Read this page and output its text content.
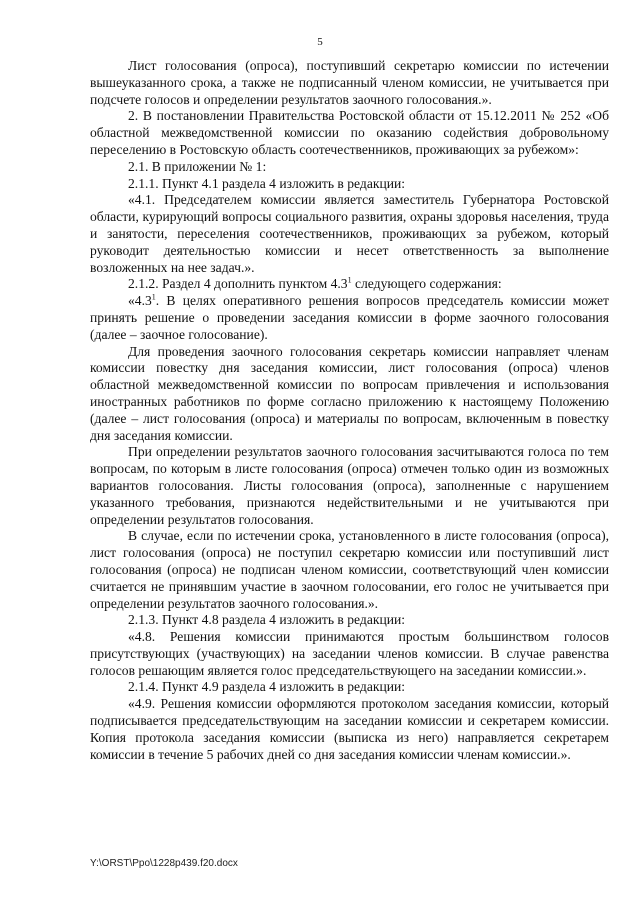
5

Лист голосования (опроса), поступивший секретарю комиссии по истечении вышеуказанного срока, а также не подписанный членом комиссии, не учитывается при подсчете голосов и определении результатов заочного голосования.».

2. В постановлении Правительства Ростовской области от 15.12.2011 № 252 «Об областной межведомственной комиссии по оказанию содействия добровольному переселению в Ростовскую область соотечественников, проживающих за рубежом»:

2.1. В приложении № 1:

2.1.1. Пункт 4.1 раздела 4 изложить в редакции:

«4.1. Председателем комиссии является заместитель Губернатора Ростовской области, курирующий вопросы социального развития, охраны здоровья населения, труда и занятости, переселения соотечественников, проживающих за рубежом, который руководит деятельностью комиссии и несет ответственность за выполнение возложенных на нее задач.».

2.1.2. Раздел 4 дополнить пунктом $4.3^1$ следующего содержания:

«$4.3^1$. В целях оперативного решения вопросов председатель комиссии может принять решение о проведении заседания комиссии в форме заочного голосования (далее – заочное голосование).

Для проведения заочного голосования секретарь комиссии направляет членам комиссии повестку дня заседания комиссии, лист голосования (опроса) членов областной межведомственной комиссии по вопросам привлечения и использования иностранных работников по форме согласно приложению к настоящему Положению (далее – лист голосования (опроса) и материалы по вопросам, включенным в повестку дня заседания комиссии.

При определении результатов заочного голосования засчитываются голоса по тем вопросам, по которым в листе голосования (опроса) отмечен только один из возможных вариантов голосования. Листы голосования (опроса), заполненные с нарушением указанного требования, признаются недействительными и не учитываются при определении результатов голосования.

В случае, если по истечении срока, установленного в листе голосования (опроса), лист голосования (опроса) не поступил секретарю комиссии или поступивший лист голосования (опроса) не подписан членом комиссии, соответствующий член комиссии считается не принявшим участие в заочном голосовании, его голос не учитывается при определении результатов заочного голосования.».

2.1.3. Пункт 4.8 раздела 4 изложить в редакции:

«4.8. Решения комиссии принимаются простым большинством голосов присутствующих (участвующих) на заседании членов комиссии. В случае равенства голосов решающим является голос председательствующего на заседании комиссии.».

2.1.4. Пункт 4.9 раздела 4 изложить в редакции:

«4.9. Решения комиссии оформляются протоколом заседания комиссии, который подписывается председательствующим на заседании комиссии и секретарем комиссии. Копия протокола заседания комиссии (выписка из него) направляется секретарем комиссии в течение 5 рабочих дней со дня заседания комиссии членам комиссии.».

Y:\ORST\Ppo\1228p439.f20.docx
